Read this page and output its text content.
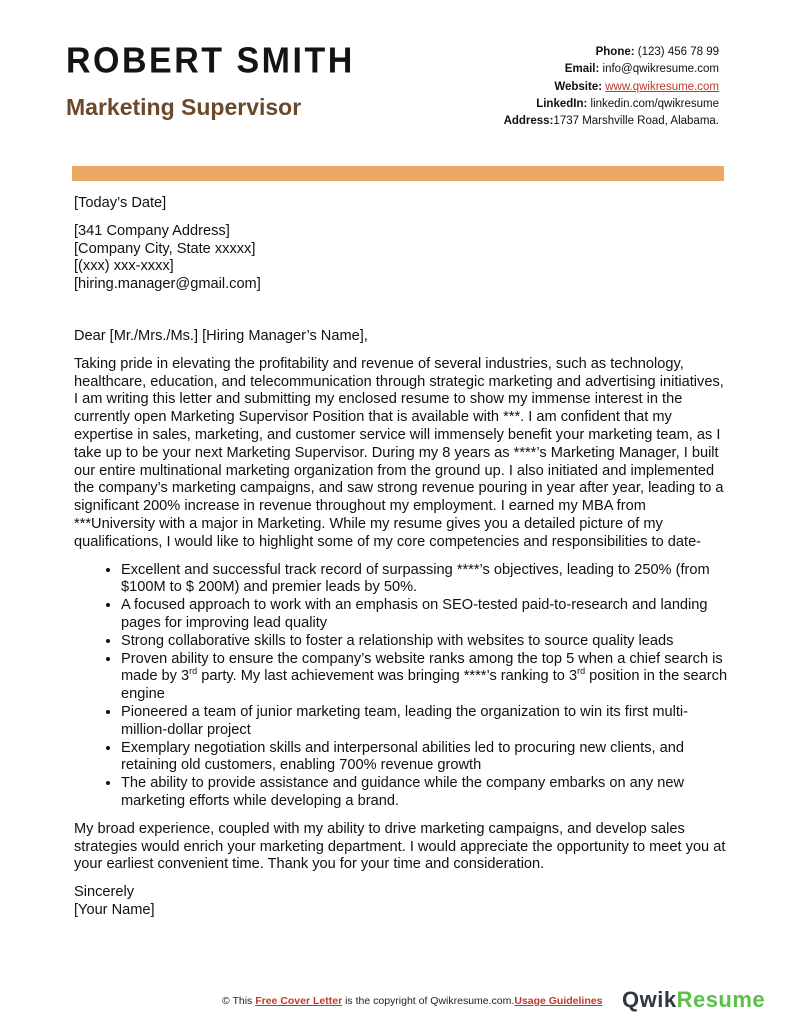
ROBERT SMITH
Marketing Supervisor
Phone: (123) 456 78 99
Email: info@qwikresume.com
Website: www.qwikresume.com
LinkedIn: linkedin.com/qwikresume
Address:1737 Marshville Road, Alabama.

[Today’s Date]

[341 Company Address]

[Company City, State xxxxx]

[(xxx) xxx-xxxx]

[hiring.manager@gmail.com]

Dear [Mr./Mrs./Ms.] [Hiring Manager’s Name],

Taking pride in elevating the profitability and revenue of several industries, such as technology, healthcare, education, and telecommunication through strategic marketing and advertising initiatives, I am writing this letter and submitting my enclosed resume to show my immense interest in the currently open Marketing Supervisor Position that is available with ***. I am confident that my expertise in sales, marketing, and customer service will immensely benefit your marketing team, as I take up to be your next Marketing Supervisor. During my 8 years as ****’s Marketing Manager, I built our entire multinational marketing organization from the ground up. I also initiated and implemented the company’s marketing campaigns, and saw strong revenue pouring in year after year, leading to a significant 200% increase in revenue throughout my employment. I earned my MBA from ***University with a major in Marketing. While my resume gives you a detailed picture of my qualifications, I would like to highlight some of my core competencies and responsibilities to date-

• Excellent and successful track record of surpassing ****’s objectives, leading to 250% (from $100M to $ 200M) and premier leads by 50%.
• A focused approach to work with an emphasis on SEO-tested paid-to-research and landing pages for improving lead quality
• Strong collaborative skills to foster a relationship with websites to source quality leads
• Proven ability to ensure the company’s website ranks among the top 5 when a chief search is made by 3rd party. My last achievement was bringing ****’s ranking to 3rd position in the search engine
• Pioneered a team of junior marketing team, leading the organization to win its first multi-million-dollar project
• Exemplary negotiation skills and interpersonal abilities led to procuring new clients, and retaining old customers, enabling 700% revenue growth
• The ability to provide assistance and guidance while the company embarks on any new marketing efforts while developing a brand.

My broad experience, coupled with my ability to drive marketing campaigns, and develop sales strategies would enrich your marketing department. I would appreciate the opportunity to meet you at your earliest convenient time. Thank you for your time and consideration.

Sincerely

[Your Name]

© This Free Cover Letter is the copyright of Qwikresume.com.Usage Guidelines QwikResume
